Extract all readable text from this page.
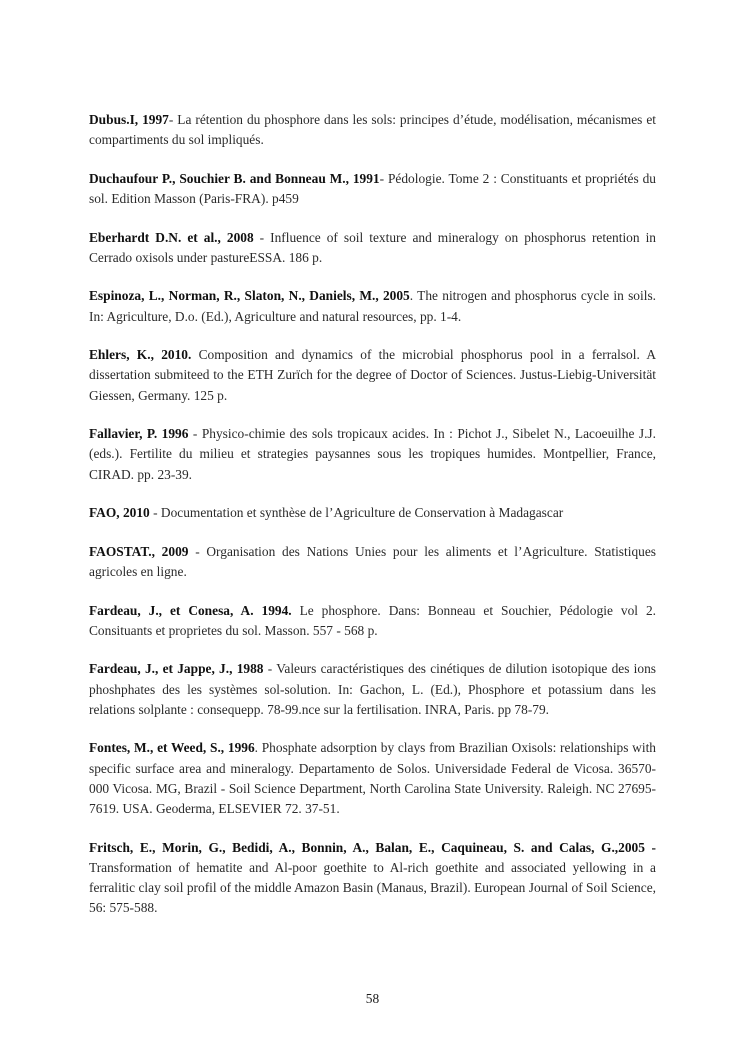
Dubus.I, 1997- La rétention du phosphore dans les sols: principes d’étude, modélisation, mécanismes et compartiments du sol impliqués.

Duchaufour P., Souchier B. and Bonneau M., 1991- Pédologie. Tome 2 : Constituants et propriétés du sol. Edition Masson (Paris-FRA). p459

Eberhardt D.N. et al., 2008 - Influence of soil texture and mineralogy on phosphorus retention in Cerrado oxisols under pastureESSA. 186 p.

Espinoza, L., Norman, R., Slaton, N., Daniels, M., 2005. The nitrogen and phosphorus cycle in soils. In: Agriculture, D.o. (Ed.), Agriculture and natural resources, pp. 1-4.

Ehlers, K., 2010. Composition and dynamics of the microbial phosphorus pool in a ferralsol. A dissertation submiteed to the ETH Zurïch for the degree of Doctor of Sciences. Justus-Liebig-Universität Giessen, Germany. 125 p.

Fallavier, P. 1996 - Physico-chimie des sols tropicaux acides. In : Pichot J., Sibelet N., Lacoeuilhe J.J. (eds.). Fertilite du milieu et strategies paysannes sous les tropiques humides. Montpellier, France, CIRAD. pp. 23-39.

FAO, 2010 - Documentation et synthèse de l’Agriculture de Conservation à Madagascar

FAOSTAT., 2009 - Organisation des Nations Unies pour les aliments et l’Agriculture. Statistiques agricoles en ligne.

Fardeau, J., et Conesa, A. 1994. Le phosphore. Dans: Bonneau et Souchier, Pédologie vol 2. Consituants et proprietes du sol. Masson. 557 - 568 p.

Fardeau, J., et Jappe, J., 1988 - Valeurs caractéristiques des cinétiques de dilution isotopique des ions phoshphates des les systèmes sol-solution. In: Gachon, L. (Ed.), Phosphore et potassium dans les relations solplante : consequepp. 78-99.nce sur la fertilisation. INRA, Paris. pp 78-79.

Fontes, M., et Weed, S., 1996. Phosphate adsorption by clays from Brazilian Oxisols: relationships with specific surface area and mineralogy. Departamento de Solos. Universidade Federal de Vicosa. 36570-000 Vicosa. MG, Brazil - Soil Science Department, North Carolina State University. Raleigh. NC 27695-7619. USA. Geoderma, ELSEVIER 72. 37-51.

Fritsch, E., Morin, G., Bedidi, A., Bonnin, A., Balan, E., Caquineau, S. and Calas, G.,2005 -Transformation of hematite and Al-poor goethite to Al-rich goethite and associated yellowing in a ferralitic clay soil profil of the middle Amazon Basin (Manaus, Brazil). European Journal of Soil Science, 56: 575-588.

58
